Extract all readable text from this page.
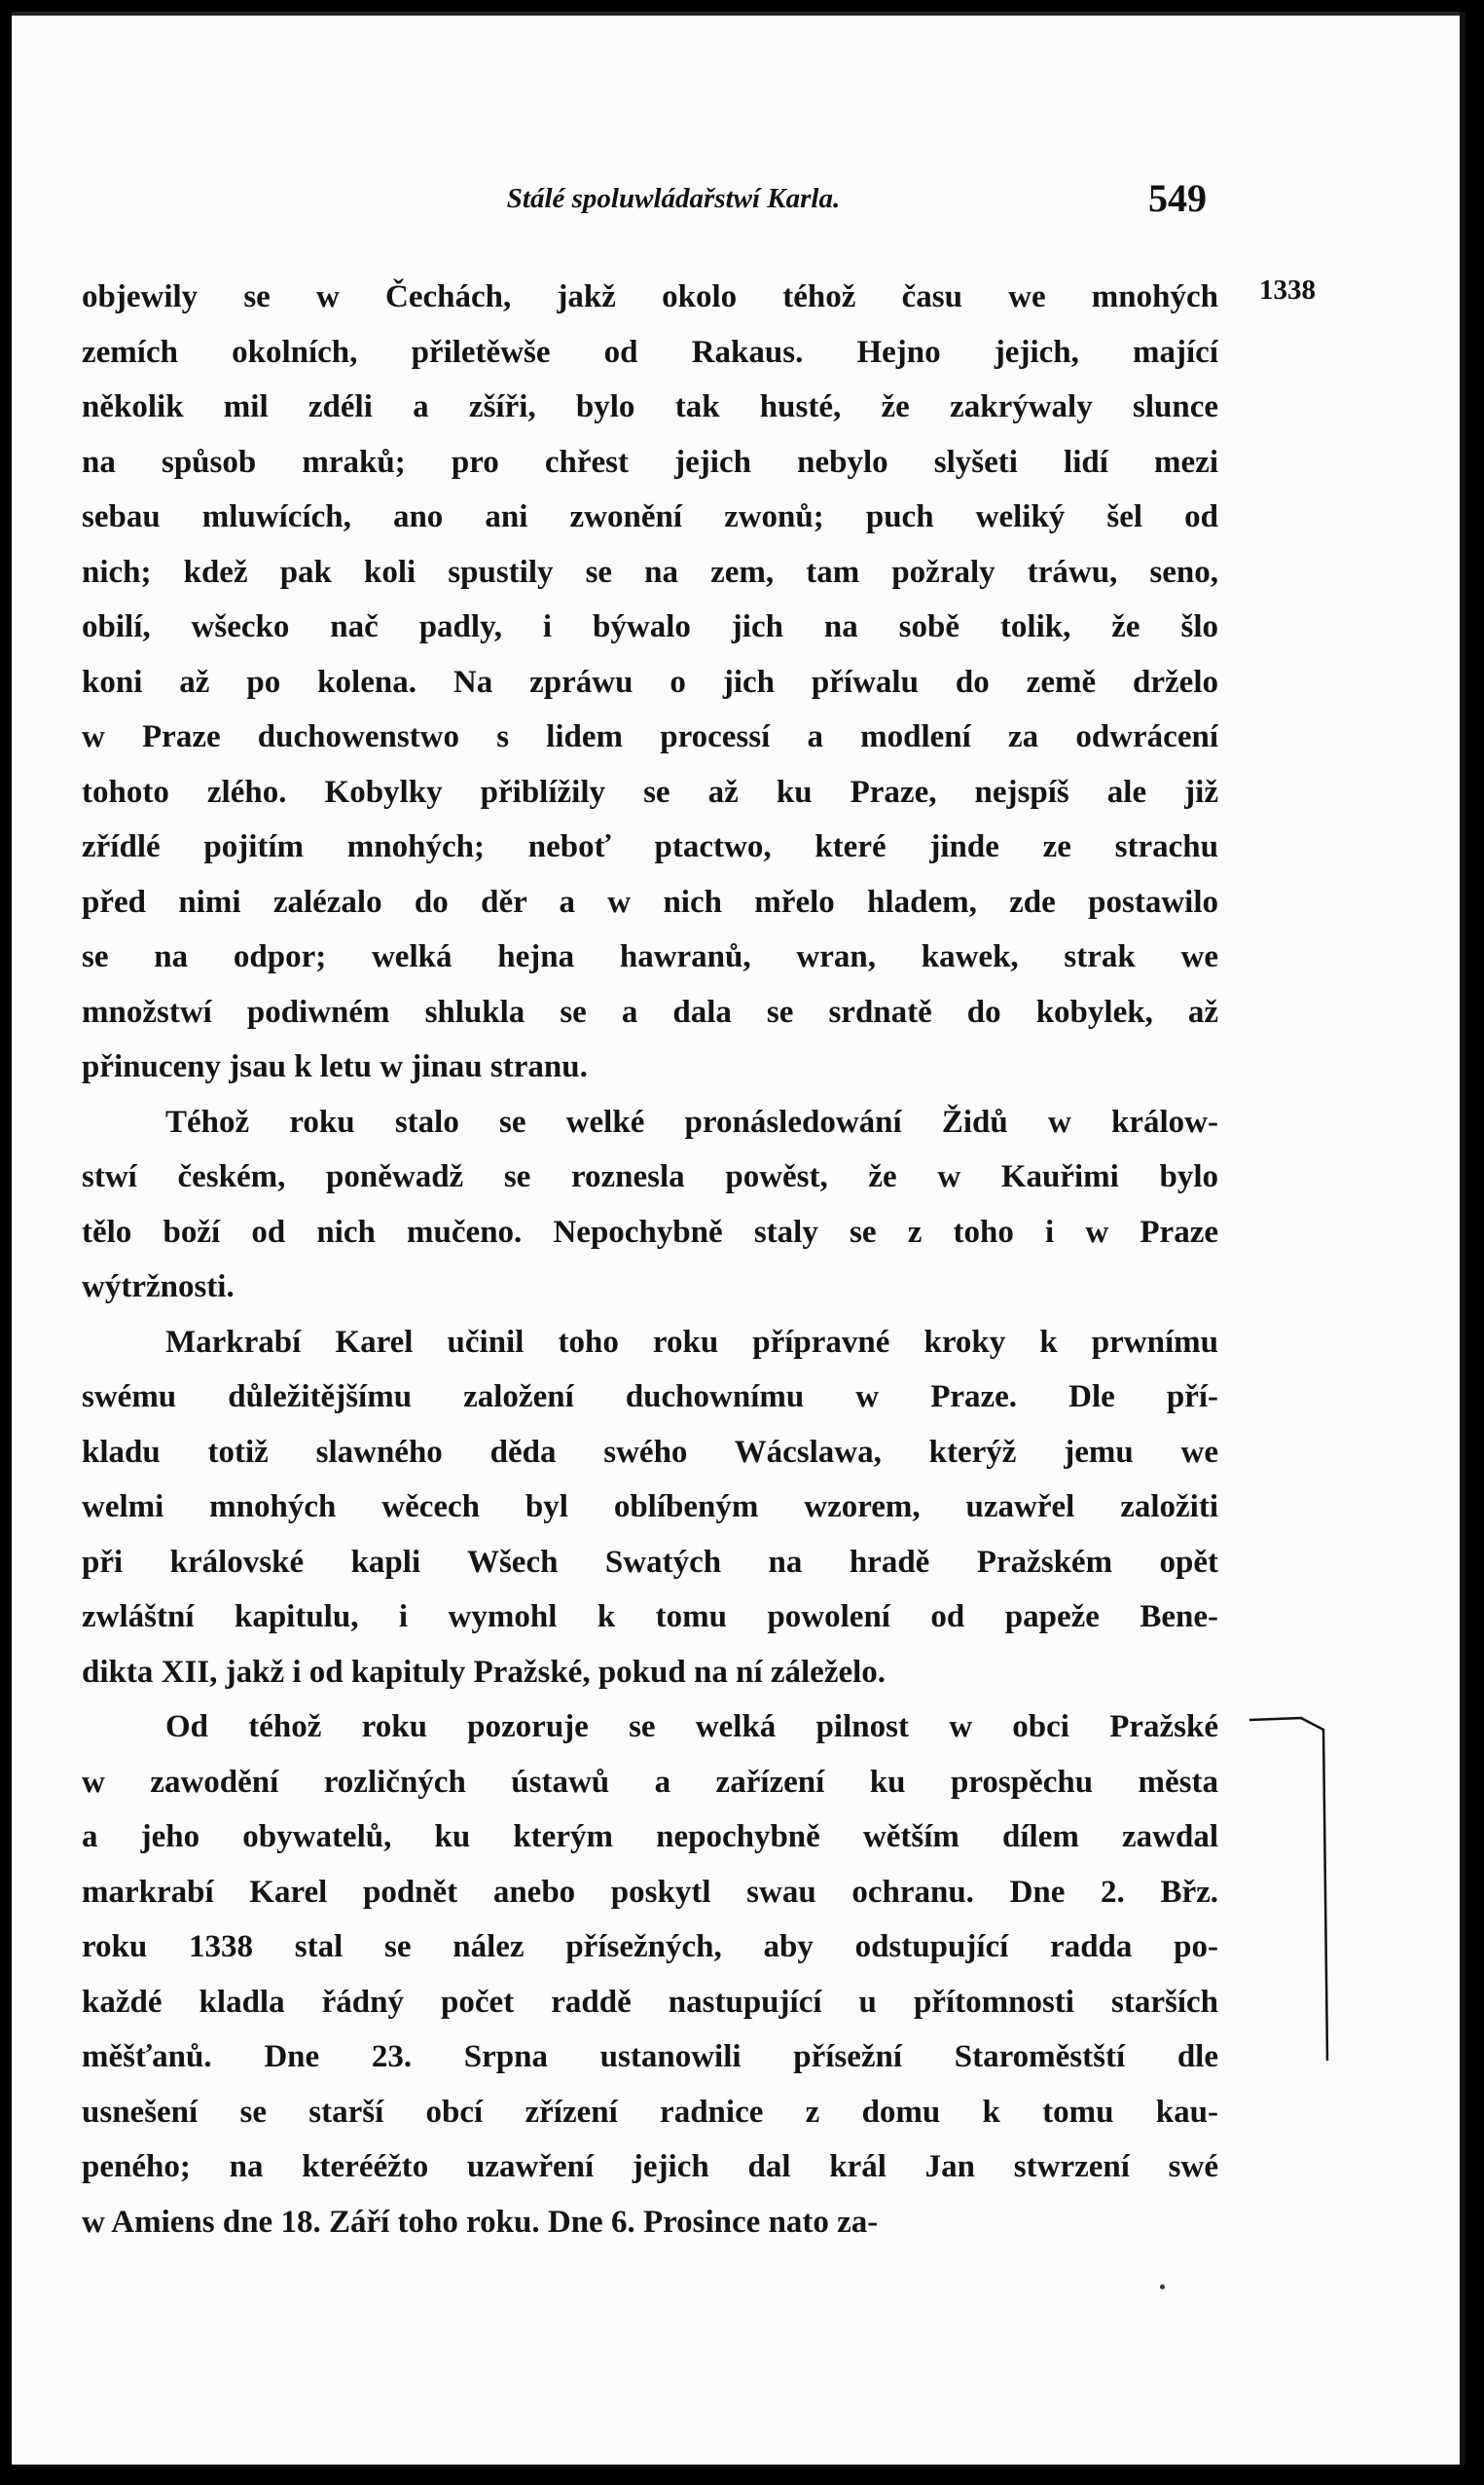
Stálé spoluwládařstwí Karla.	549
1338
objewily se w Čechách, jakž okolo téhož času we mnohých
zemích okolních, přiletěwše od Rakaus. Hejno jejich, mající
několik mil zdéli a zšíři, bylo tak husté, že zakrýwaly slunce
na spůsob mraků; pro chřest jejich nebylo slyšeti lidí mezi
sebau mluwících, ano ani zwonění zwonů; puch weliký šel od
nich; kdež pak koli spustily se na zem, tam požraly tráwu, seno,
obilí, wšecko nač padly, i býwalo jich na sobě tolik, že šlo
koni až po kolena. Na zpráwu o jich příwalu do země drželo
w Praze duchowenstwo s lidem processí a modlení za odwrácení
tohoto zlého. Kobylky přiblížily se až ku Praze, nejspíš ale již
zřídlé pojitím mnohých; neboť ptactwo, které jinde ze strachu
před nimi zalézalo do děr a w nich mřelo hladem, zde postawilo
se na odpor; welká hejna hawranů, wran, kawek, strak we
množstwí podiwném shlukla se a dala se srdnatě do kobylek, až
přinuceny jsau k letu w jinau stranu.
Téhož roku stalo se welké pronásledowání Židů w králow-
stwí českém, poněwadž se roznesla powěst, že w Kauřimi bylo
tělo boží od nich mučeno. Nepochybně staly se z toho i w Praze
wýtržnosti.
Markrabí Karel učinil toho roku přípravné kroky k prwnímu
swému důležitějšímu založení duchownímu w Praze. Dle pří-
kladu totiž slawného děda swého Wácslawa, kterýž jemu we
welmi mnohých wěcech byl oblíbeným wzorem, uzawřel založiti
při královské kapli Wšech Swatých na hradě Pražském opět
zwláštní kapitulu, i wymohl k tomu powolení od papeže Bene-
dikta XII, jakž i od kapituly Pražské, pokud na ní záleželo.
Od téhož roku pozoruje se welká pilnost w obci Pražské
w zawodění rozličných ústawů a zařízení ku prospěchu města
a jeho obywatelů, ku kterým nepochybně wětším dílem zawdal
markrabí Karel podnět anebo poskytl swau ochranu. Dne 2. Břz.
roku 1338 stal se nález přísežných, aby odstupující radda po-
každé kladla řádný počet raddě nastupující u přítomnosti starších
měšťanů. Dne 23. Srpna ustanowili přísežní Staroměstští dle
usnešení se starší obcí zřízení radnice z domu k tomu kau-
peného; na kterééžto uzawření jejich dal král Jan stwrzení swé
w Amiens dne 18. Září toho roku. Dne 6. Prosince nato za-
